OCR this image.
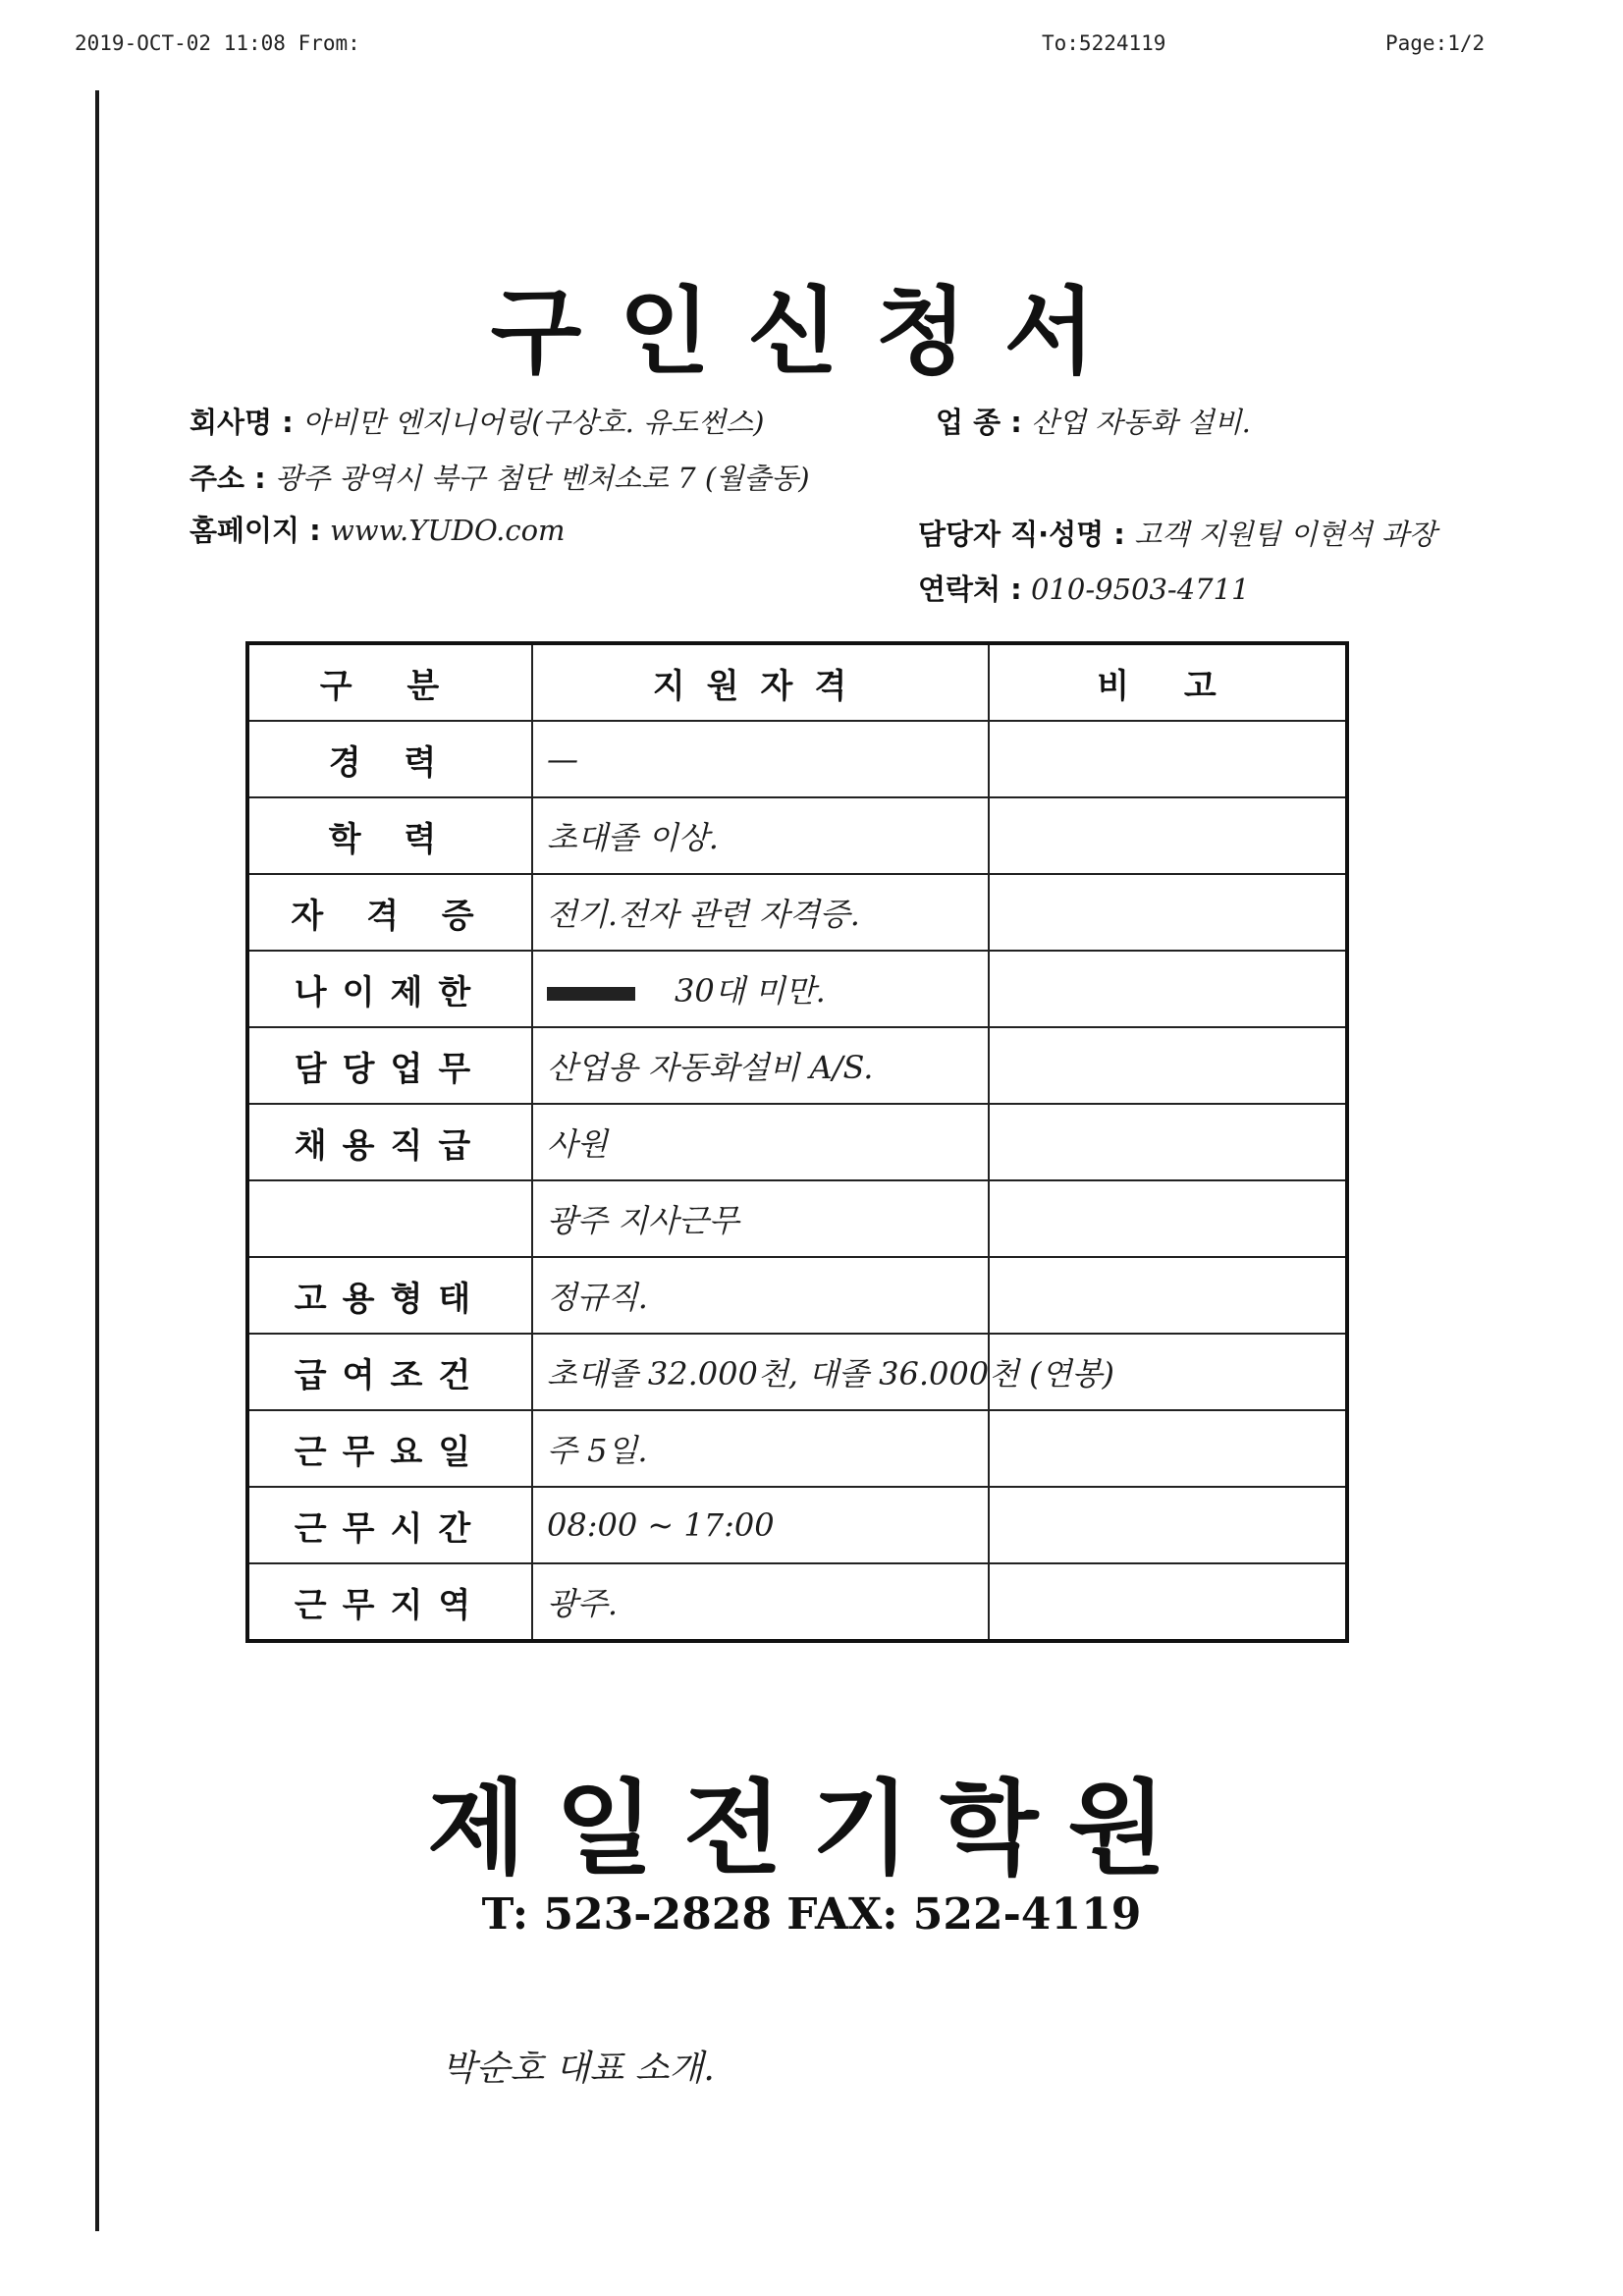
2019-OCT-02 11:08 From:	To:5224119	Page:1/2
구인신청서
회사명 : 아비만 엔지니어링(구상호. 유도썬스)	업 종 : 산업 자동화 설비.
주소 : 광주 광역시 북구 첨단 벤처소로 7 (월출동)
홈페이지 : www.YUDO.com	담당자 직·성명 : 고객 지원팀 이현석 과장
연락처 : 010-9503-4711
구 분	지원자격	비 고
경 력	—	
학 력	초대졸 이상.	
자 격 증	전기.전자 관련 자격증.	
나이제한	30대 미만.	
담당업무	산업용 자동화설비 A/S.	
채용직급	사원	
	광주 지사근무	
고용형태	정규직.	
급여조건	초대졸 32.000천, 대졸 36.000천 (연봉)	
근무요일	주 5일.	
근무시간	08:00 ~ 17:00	
근무지역	광주.	
제일전기학원
T: 523-2828 FAX: 522-4119
박순호 대표 소개.
